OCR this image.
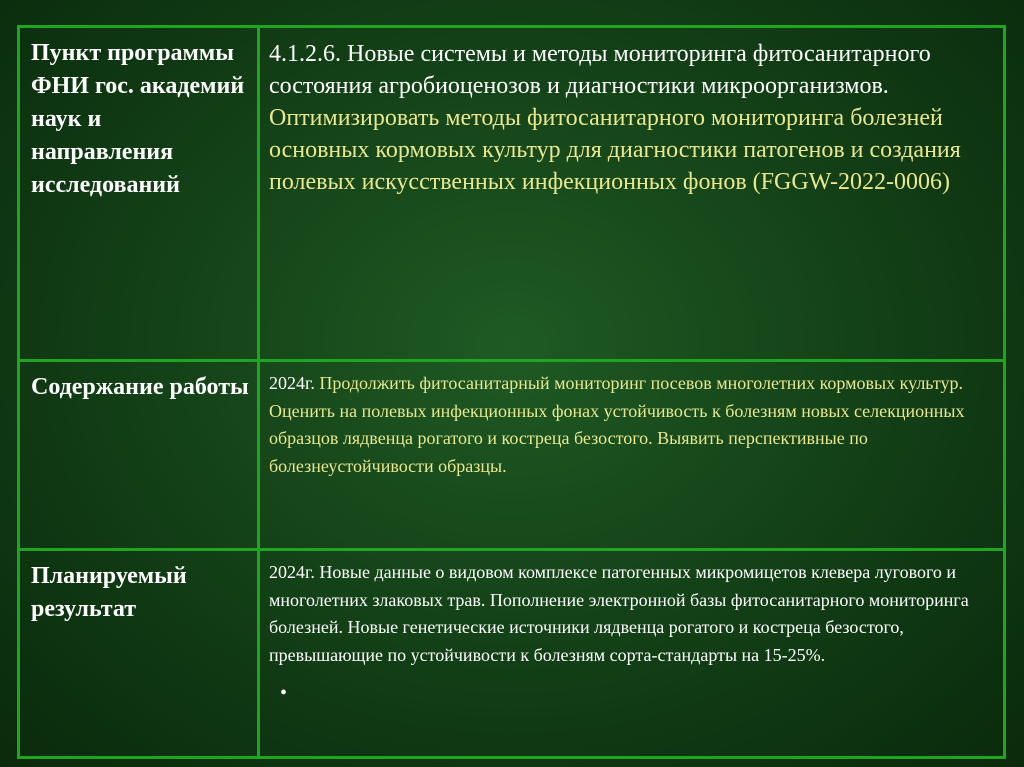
Пункт программы ФНИ гос. академий наук и направления исследований	4.1.2.6. Новые системы и методы мониторинга фитосанитарного состояния агробиоценозов и диагностики микроорганизмов.
Оптимизировать методы фитосанитарного мониторинга болезней основных кормовых культур для диагностики патогенов и создания полевых искусственных инфекционных фонов (FGGW-2022-0006)

Содержание работы	2024г. Продолжить фитосанитарный мониторинг посевов многолетних кормовых культур. Оценить на полевых инфекционных фонах устойчивость к болезням новых селекционных образцов лядвенца рогатого и костреца безостого. Выявить перспективные по болезнеустойчивости образцы.

Планируемый результат	2024г. Новые данные о видовом комплексе патогенных микромицетов клевера лугового и многолетних злаковых трав. Пополнение электронной базы фитосанитарного мониторинга болезней. Новые генетические источники лядвенца рогатого и костреца безостого, превышающие по устойчивости к болезням сорта-стандарты на 15-25%.
•
